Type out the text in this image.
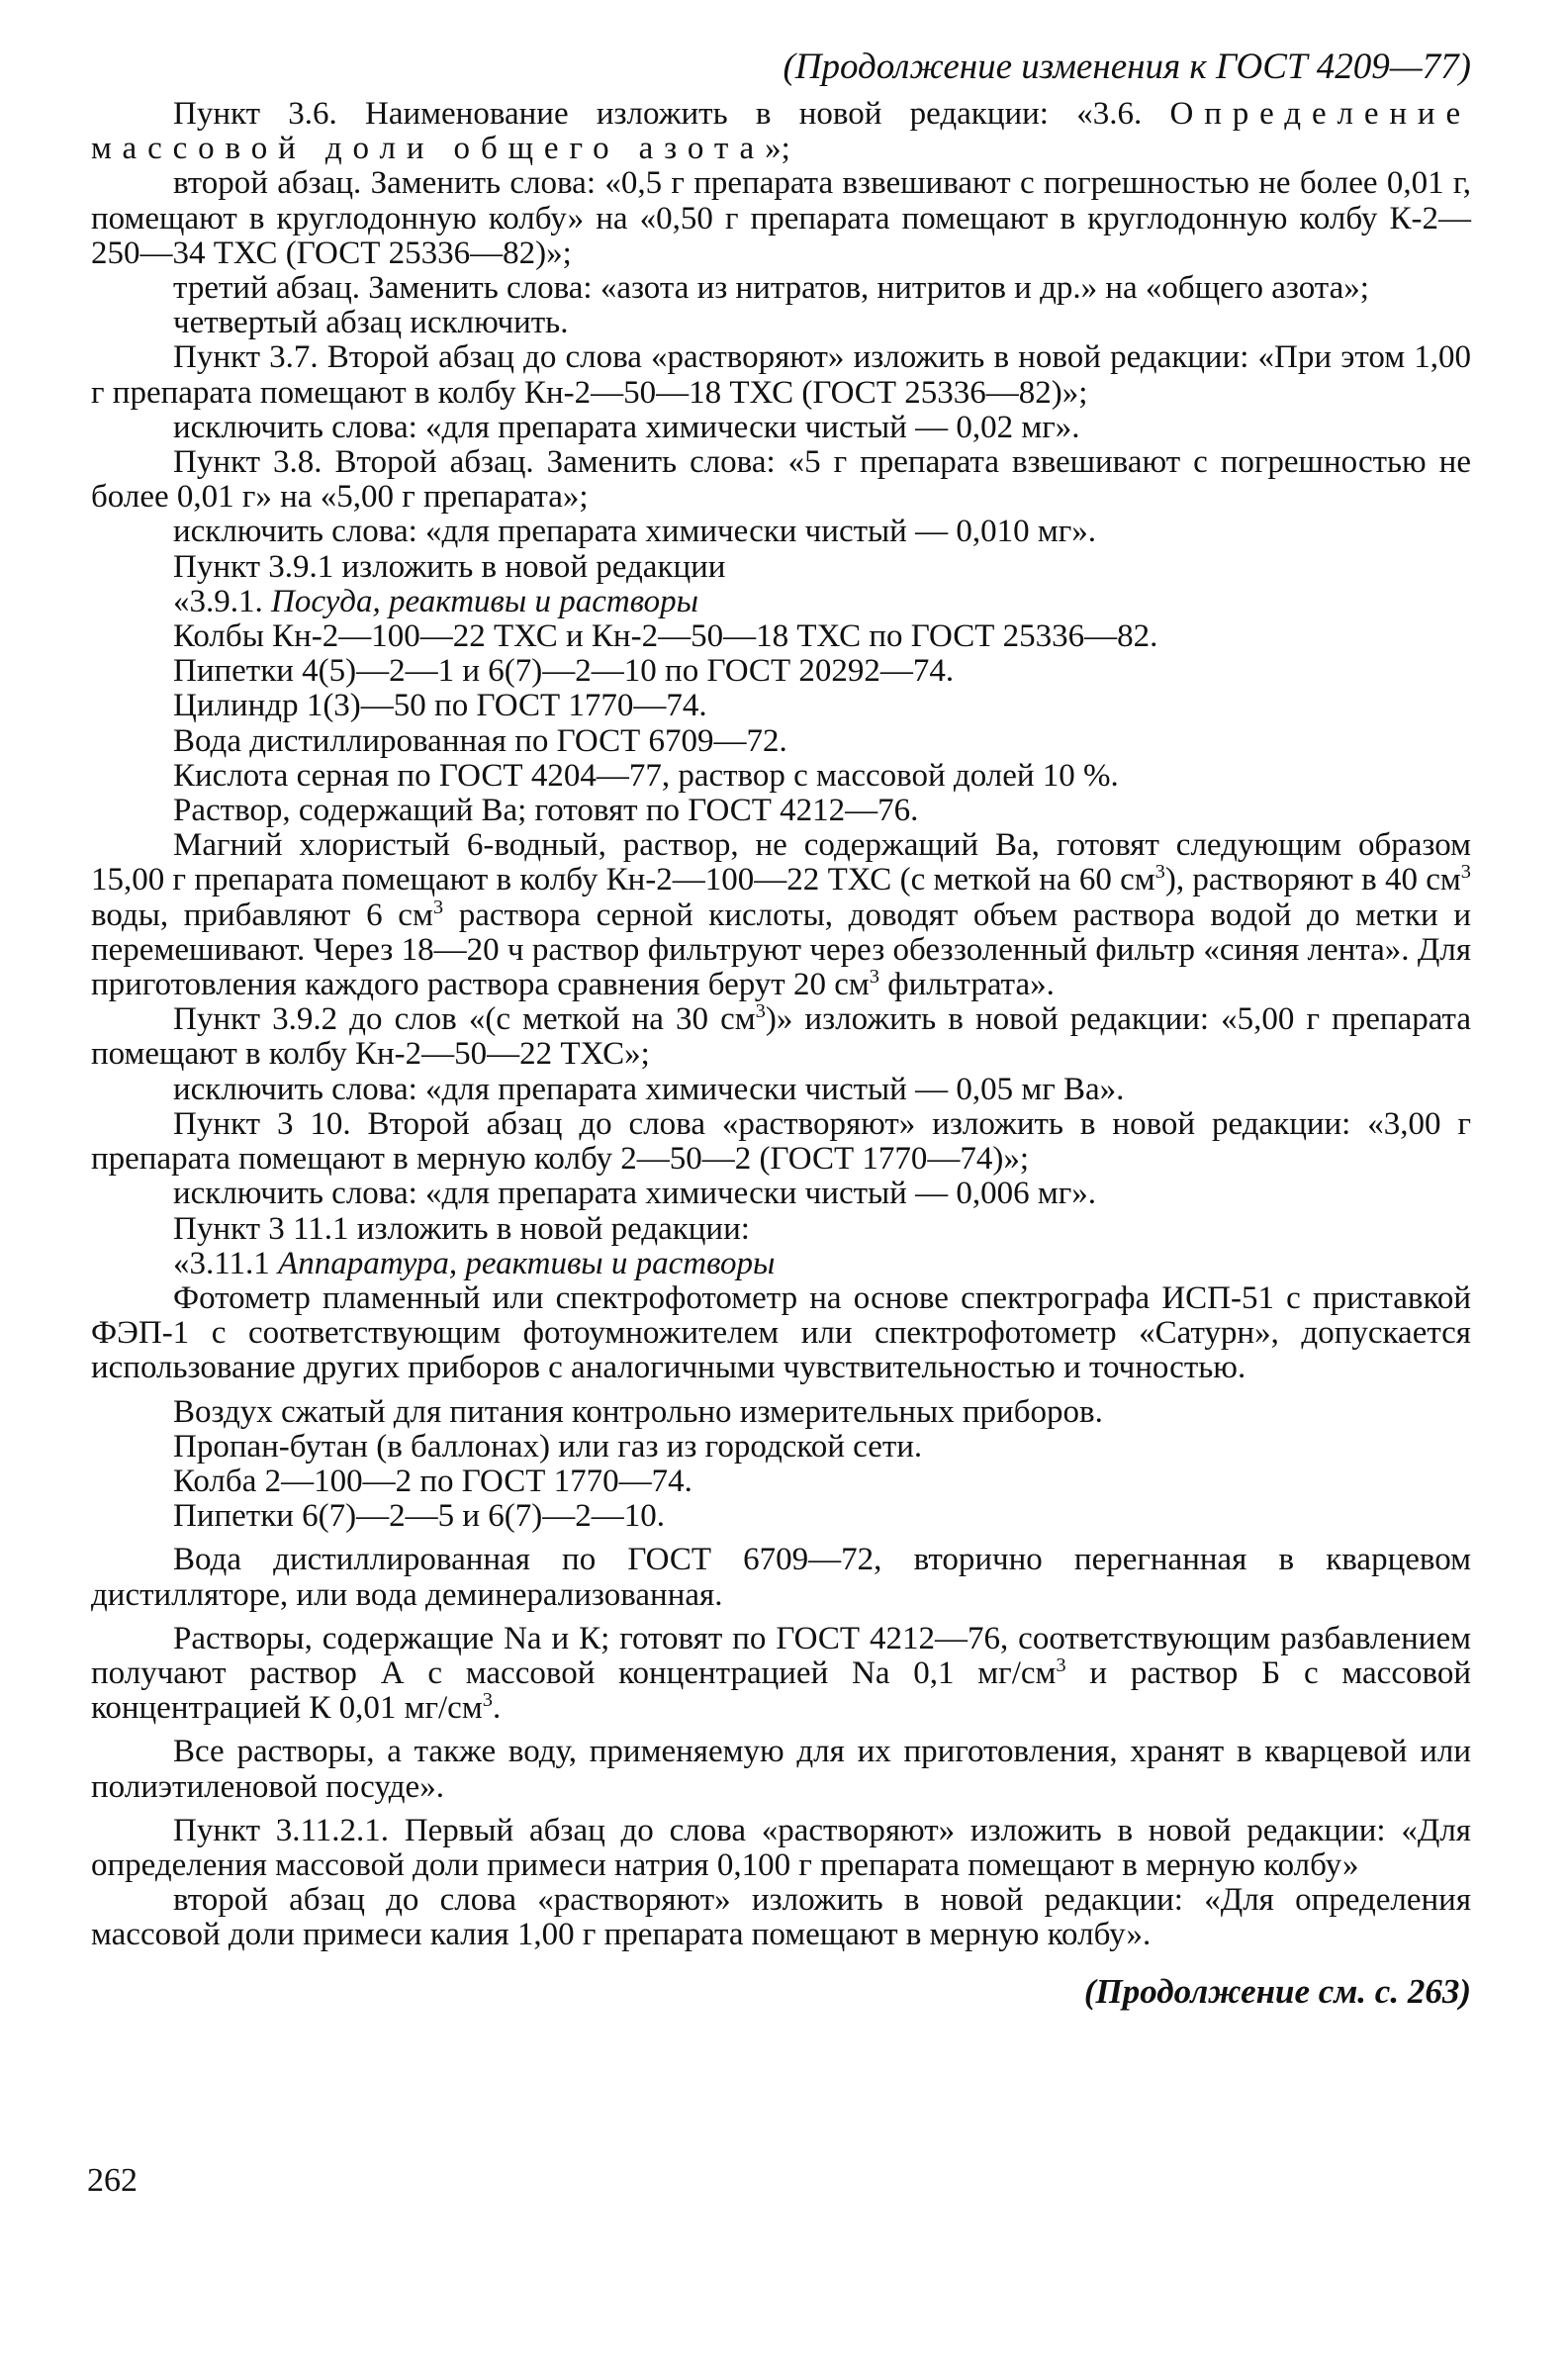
(Продолжение изменения к ГОСТ 4209—77)

Пункт 3.6. Наименование изложить в новой редакции: «3.6. Определение массовой доли общего азота»;

второй абзац. Заменить слова: «0,5 г препарата взвешивают с погрешностью не более 0,01 г, помещают в круглодонную колбу» на «0,50 г препарата помещают в круглодонную колбу К-2—250—34 ТХС (ГОСТ 25336—82)»;

третий абзац. Заменить слова: «азота из нитратов, нитритов и др.» на «общего азота»;

четвертый абзац исключить.

Пункт 3.7. Второй абзац до слова «растворяют» изложить в новой редакции: «При этом 1,00 г препарата помещают в колбу Кн-2—50—18 ТХС (ГОСТ 25336—82)»;

исключить слова: «для препарата химически чистый — 0,02 мг».

Пункт 3.8. Второй абзац. Заменить слова: «5 г препарата взвешивают с погрешностью не более 0,01 г» на «5,00 г препарата»;

исключить слова: «для препарата химически чистый — 0,010 мг».

Пункт 3.9.1 изложить в новой редакции

«3.9.1. Посуда, реактивы и растворы

Колбы Кн-2—100—22 ТХС и Кн-2—50—18 ТХС по ГОСТ 25336—82.

Пипетки 4(5)—2—1 и 6(7)—2—10 по ГОСТ 20292—74.

Цилиндр 1(3)—50 по ГОСТ 1770—74.

Вода дистиллированная по ГОСТ 6709—72.

Кислота серная по ГОСТ 4204—77, раствор с массовой долей 10 %.

Раствор, содержащий Ва; готовят по ГОСТ 4212—76.

Магний хлористый 6-водный, раствор, не содержащий Ва, готовят следующим образом 15,00 г препарата помещают в колбу Кн-2—100—22 ТХС (с меткой на 60 $см^3$), растворяют в 40 $см^3$ воды, прибавляют 6 $см^3$ раствора серной кислоты, доводят объем раствора водой до метки и перемешивают. Через 18—20 ч раствор фильтруют через обеззоленный фильтр «синяя лента». Для приготовления каждого раствора сравнения берут 20 $см^3$ фильтрата».

Пункт 3.9.2 до слов «(с меткой на 30 $см^3$)» изложить в новой редакции: «5,00 г препарата помещают в колбу Кн-2—50—22 ТХС»;

исключить слова: «для препарата химически чистый — 0,05 мг Ва».

Пункт 3 10. Второй абзац до слова «растворяют» изложить в новой редакции: «3,00 г препарата помещают в мерную колбу 2—50—2 (ГОСТ 1770—74)»;

исключить слова: «для препарата химически чистый — 0,006 мг».

Пункт 3 11.1 изложить в новой редакции:

«3.11.1 Аппаратура, реактивы и растворы

Фотометр пламенный или спектрофотометр на основе спектрографа ИСП-51 с приставкой ФЭП-1 с соответствующим фотоумножителем или спектрофотометр «Сатурн», допускается использование других приборов с аналогичными чувствительностью и точностью.

Воздух сжатый для питания контрольно измерительных приборов.

Пропан-бутан (в баллонах) или газ из городской сети.

Колба 2—100—2 по ГОСТ 1770—74.

Пипетки 6(7)—2—5 и 6(7)—2—10.

Вода дистиллированная по ГОСТ 6709—72, вторично перегнанная в кварцевом дистилляторе, или вода деминерализованная.

Растворы, содержащие Na и К; готовят по ГОСТ 4212—76, соответствующим разбавлением получают раствор А с массовой концентрацией Na 0,1 $мг/см^3$ и раствор Б с массовой концентрацией К 0,01 $мг/см^3$.

Все растворы, а также воду, применяемую для их приготовления, хранят в кварцевой или полиэтиленовой посуде».

Пункт 3.11.2.1. Первый абзац до слова «растворяют» изложить в новой редакции: «Для определения массовой доли примеси натрия 0,100 г препарата помещают в мерную колбу»

второй абзац до слова «растворяют» изложить в новой редакции: «Для определения массовой доли примеси калия 1,00 г препарата помещают в мерную колбу».

(Продолжение см. с. 263)
262
